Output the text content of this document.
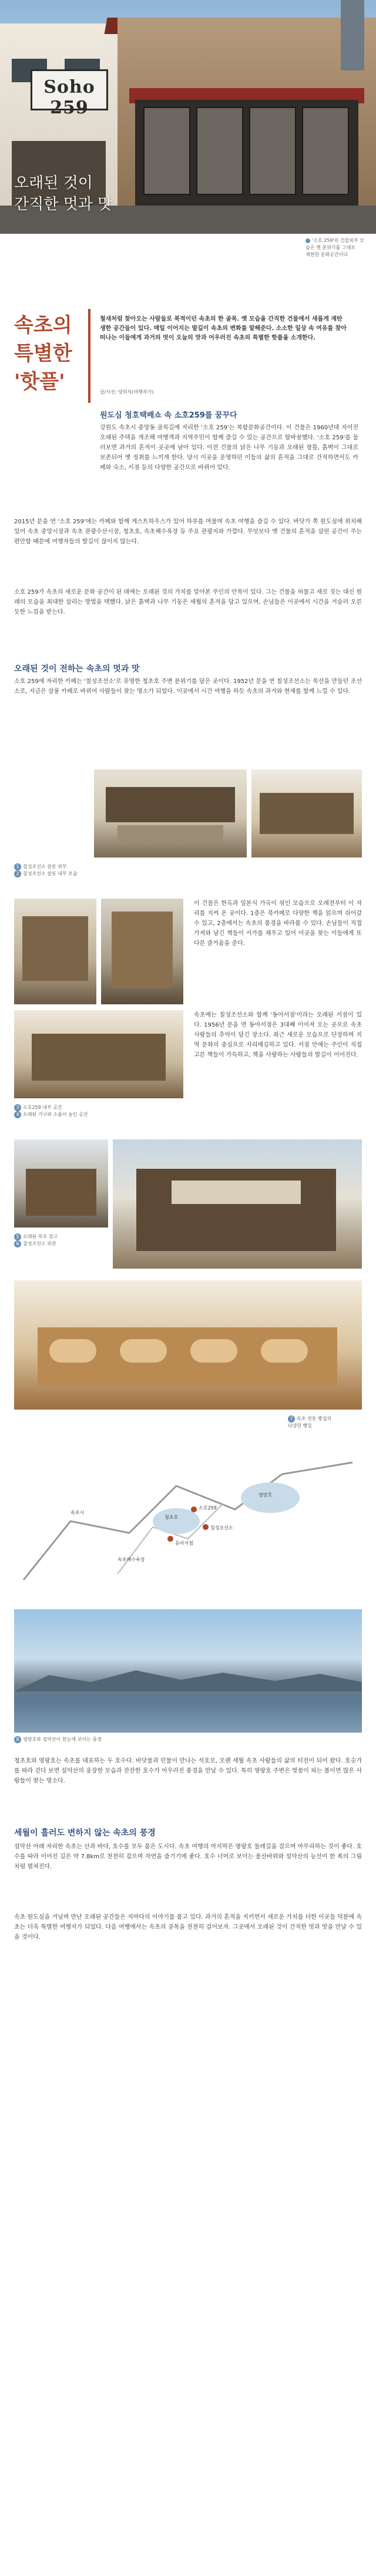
Soho 259
오래된 것이
간직한 멋과 맛
'소호 259'의 건물외부 모
습은 옛 분위기를 그대로
재현한 문화공간이다
속초의
특별한
'핫플'
철새처럼 찾아오는 사람들로 북적이던 속초의 한 골목. 옛 모습을 간직한 건물에서 새롭게 재탄생한 공간들이 있다. 매일 이어지는 발길이 속초의 변화를 말해준다. 소소한 일상 속 여유를 찾아 떠나는 이들에게 과거의 멋이 오늘의 맛과 어우러진 속초의 특별한 핫플을 소개한다.
글/사진: 양희석(여행작가)
원도심 청호택배쇼 속 소호259를 꿈꾸다
강원도 속초시 중앙동 골목길에 자리한 '소호 259'는 복합문화공간이다. 이 건물은 1960년대 지어진 오래된 주택을 개조해 여행객과 지역주민이 함께 즐길 수 있는 공간으로 탈바꿈했다. '소호 259'를 둘러보면 과거의 흔적이 곳곳에 남아 있다. 이전 건물의 낡은 나무 기둥과 오래된 창틀, 흙벽이 그대로 보존되어 옛 정취를 느끼게 한다. 당시 이곳을 운영하던 이들의 삶의 흔적을 그대로 간직하면서도 카페와 숙소, 서점 등의 다양한 공간으로 바뀌어 있다.
2015년 문을 연 '소호 259'에는 카페와 함께 게스트하우스가 있어 하루를 머물며 속초 여행을 즐길 수 있다. 바닷가 쪽 원도심에 위치해 있어 속초 중앙시장과 속초 관광수산시장, 청초호, 속초해수욕장 등 주요 관광지와 가깝다. 무엇보다 옛 건물의 흔적을 살린 공간이 주는 편안함 때문에 여행자들의 발길이 끊이지 않는다.
소호 259가 속초의 새로운 문화 공간이 된 데에는 오래된 것의 가치를 알아본 주인의 안목이 있다. 그는 건물을 허물고 새로 짓는 대신 원래의 모습을 최대한 살리는 방법을 택했다. 낡은 흙벽과 나무 기둥은 세월의 흔적을 담고 있으며, 손님들은 이곳에서 시간을 거슬러 오른 듯한 느낌을 받는다.
오래된 것이 전하는 속초의 멋과 맛
소호 259에 자리한 카페는 '칠성조선소'로 유명한 청초호 주변 분위기를 담은 곳이다. 1952년 문을 연 칠성조선소는 목선을 만들던 조선소로, 지금은 살롱 카페로 바뀌어 사람들이 찾는 명소가 되었다. 이곳에서 시간 여행을 하듯 속초의 과거와 현재를 함께 느낄 수 있다.
1 칠성조선소 살롱 외부
2 칠성조선소 살롱 내부 모습
이 건물은 한옥과 일본식 가옥이 섞인 모습으로 오래전부터 이 자리를 지켜 온 곳이다. 1층은 북카페로 다양한 책을 읽으며 쉬어갈 수 있고, 2층에서는 속초의 풍경을 바라볼 수 있다. 손님들이 직접 가져와 남긴 책들이 서가를 채우고 있어 이곳을 찾는 이들에게 또 다른 즐거움을 준다.
3 소호259 내부 공간
4 오래된 가구와 소품이 놓인 공간
속초에는 칠성조선소와 함께 '동아서점'이라는 오래된 서점이 있다. 1956년 문을 연 동아서점은 3대째 이어져 오는 곳으로 속초 사람들의 추억이 담긴 장소다. 최근 새로운 모습으로 단장하며 지역 문화의 중심으로 자리매김하고 있다. 서점 안에는 주인이 직접 고른 책들이 가득하고, 책을 사랑하는 사람들의 발길이 이어진다.
5 오래된 목조 창고
6 칠성조선소 외관
7 속초 전통 빵집의
다양한 빵들
속초시
청초호
영랑호
속초해수욕장
소호259
칠성조선소
동아서점
8 영랑호와 설악산이 한눈에 보이는 풍경
청초호와 영랑호는 속초를 대표하는 두 호수다. 바닷물과 민물이 만나는 석호로, 오랜 세월 속초 사람들의 삶의 터전이 되어 왔다. 호숫가를 따라 걷다 보면 설악산의 웅장한 모습과 잔잔한 호수가 어우러진 풍경을 만날 수 있다. 특히 영랑호 주변은 벚꽃이 피는 봄이면 많은 사람들이 찾는 명소다.
세월이 흘러도 변하지 않는 속초의 풍경
설악산 아래 자리한 속초는 산과 바다, 호수를 모두 품은 도시다. 속초 여행의 마지막은 영랑호 둘레길을 걸으며 마무리하는 것이 좋다. 호수를 따라 이어진 길은 약 7.8km로 천천히 걸으며 자연을 즐기기에 좋다. 호수 너머로 보이는 울산바위와 설악산의 능선이 한 폭의 그림처럼 펼쳐진다.
속초 원도심을 거닐며 만난 오래된 공간들은 저마다의 이야기를 품고 있다. 과거의 흔적을 지키면서 새로운 가치를 더한 이곳들 덕분에 속초는 더욱 특별한 여행지가 되었다. 다음 여행에서는 속초의 골목을 천천히 걸어보자. 그곳에서 오래된 것이 간직한 멋과 맛을 만날 수 있을 것이다.
